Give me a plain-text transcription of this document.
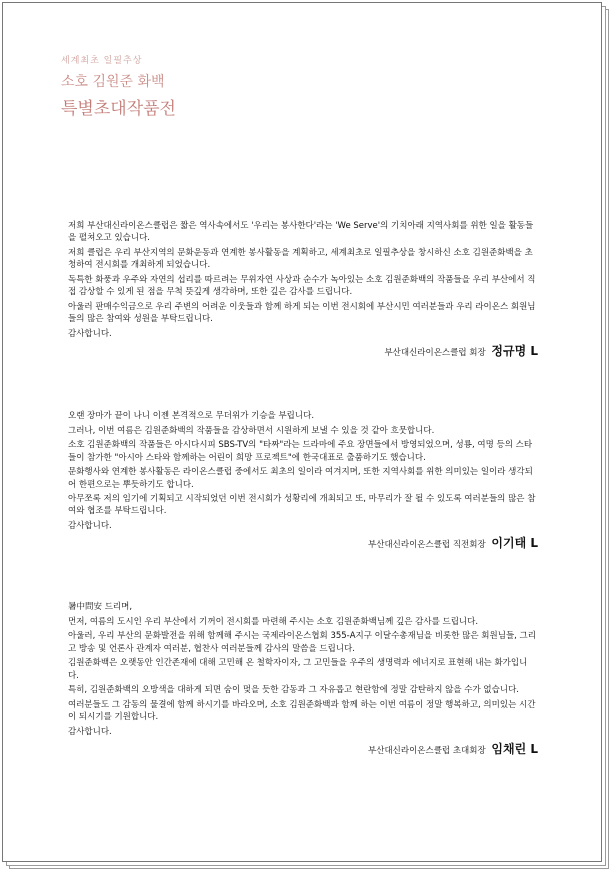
세계최초 일필추상
소호 김원준 화백
특별초대작품전

저희 부산대신라이온스클럽은 짧은 역사속에서도 '우리는 봉사한다'라는 'We Serve'의 기치아래 지역사회를 위한 일을 활동들을 펼쳐오고 있습니다.

저희 클럽은 우리 부산지역의 문화운동과 연계한 봉사활동을 계획하고, 세계최초로 일필추상을 창시하신 소호 김원준화백을 초청하여 전시회를 개최하게 되었습니다.

독특한 화풍과 우주와 자연의 섭리를 따르려는 무위자연 사상과 순수가 녹아있는 소호 김원준화백의 작품들을 우리 부산에서 직접 감상할 수 있게 된 점을 무척 뜻깊게 생각하며, 또한 깊은 감사를 드립니다.

아울러 판매수익금으로 우리 주변의 어려운 이웃들과 함께 하게 되는 이번 전시회에 부산시민 여러분들과 우리 라이온스 회원님들의 많은 참여와 성원을 부탁드립니다.

감사합니다.

부산대신라이온스클럽 회장 정규명 L

오랜 장마가 끝이 나니 이젠 본격적으로 무더위가 기승을 부립니다.

그러나, 이번 여름은 김원준화백의 작품들을 감상하면서 시원하게 보낼 수 있을 것 같아 흐뭇합니다.

소호 김원준화백의 작품들은 아시다시피 SBS-TV의 "타짜"라는 드라마에 주요 장면들에서 방영되었으며, 성룡, 여명 등의 스타들이 참가한 "아시아 스타와 함께하는 어린이 희망 프로젝트"에 한국대표로 출품하기도 했습니다.

문화행사와 연계한 봉사활동은 라이온스클럽 중에서도 최초의 일이라 여겨지며, 또한 지역사회를 위한 의미있는 일이라 생각되어 한편으로는 뿌듯하기도 합니다.

아무쪼록 저의 임기에 기획되고 시작되었던 이번 전시회가 성황리에 개최되고 또, 마무리가 잘 될 수 있도록 여러분들의 많은 참여와 협조를 부탁드립니다.

감사합니다.

부산대신라이온스클럽 직전회장 이기태 L

暑中問安 드리며,

먼저, 여름의 도시인 우리 부산에서 기꺼이 전시회를 마련해 주시는 소호 김원준화백님께 깊은 감사를 드립니다.

아울러, 우리 부산의 문화발전을 위해 함께해 주시는 국제라이온스협회 355-A지구 이달수총재님을 비롯한 많은 회원님들, 그리고 방송 및 언론사 관계자 여러분, 협찬사 여러분들께 감사의 말씀을 드립니다.

김원준화백은 오랫동안 인간존재에 대해 고민해 온 철학자이자, 그 고민들을 우주의 생명력과 에너지로 표현해 내는 화가입니다.

특히, 김원준화백의 오방색을 대하게 되면 숨이 멎을 듯한 감동과 그 자유롭고 현란함에 정말 감탄하지 않을 수가 없습니다.

여러분들도 그 감동의 물결에 함께 하시기를 바라오며, 소호 김원준화백과 함께 하는 이번 여름이 정말 행복하고, 의미있는 시간이 되시기를 기원합니다.

감사합니다.

부산대신라이온스클럽 초대회장 임채린 L
